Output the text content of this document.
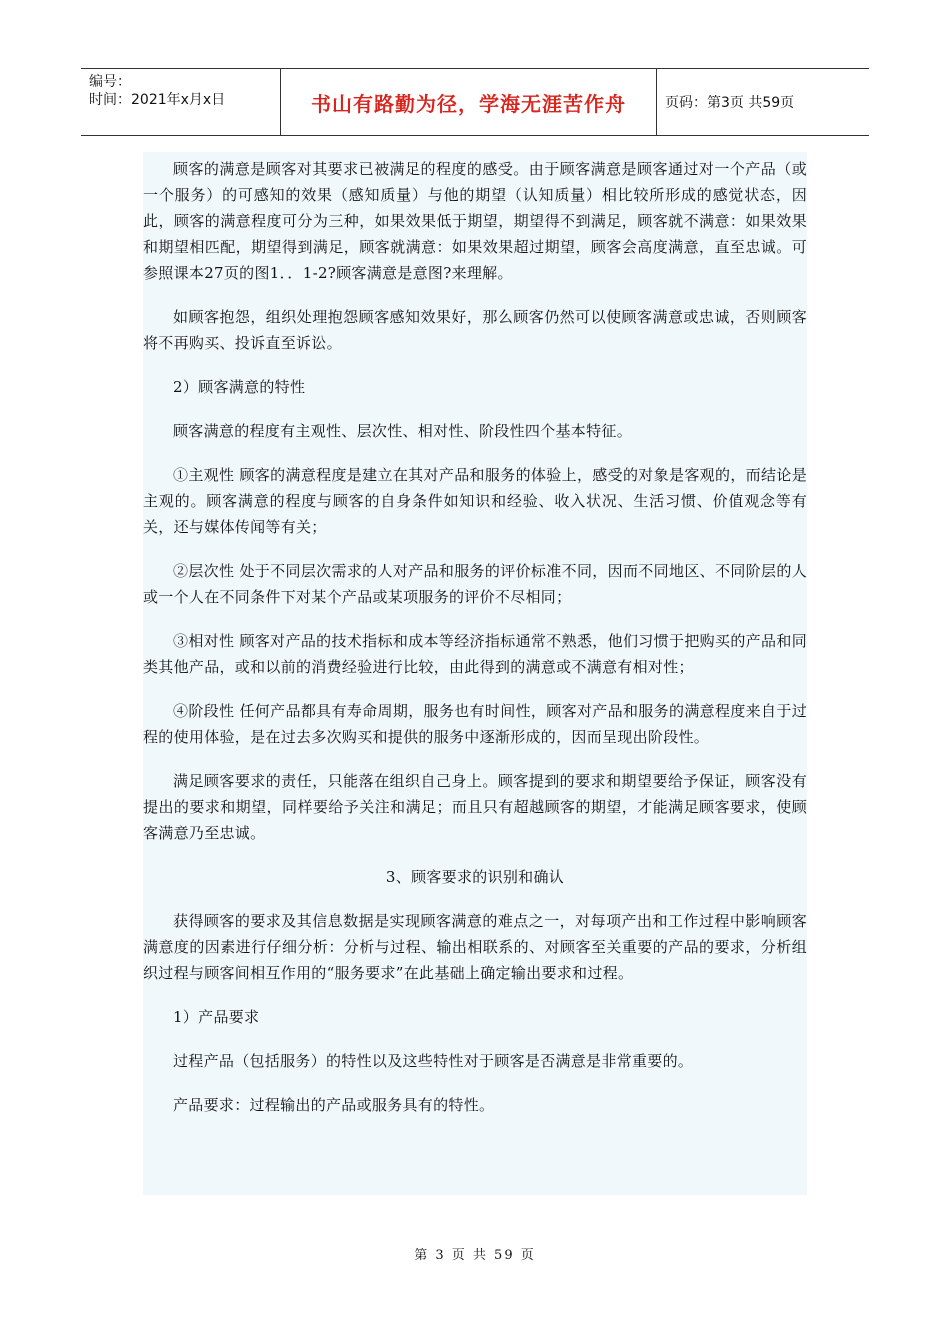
编号：
时间：2021年x月x日	书山有路勤为径，学海无涯苦作舟	页码：第3页 共59页

顾客的满意是顾客对其要求已被满足的程度的感受。由于顾客满意是顾客通过对一个产品（或一个服务）的可感知的效果（感知质量）与他的期望（认知质量）相比较所形成的感觉状态，因此，顾客的满意程度可分为三种，如果效果低于期望，期望得不到满足，顾客就不满意：如果效果和期望相匹配，期望得到满足，顾客就满意：如果效果超过期望，顾客会高度满意，直至忠诚。可参照课本27页的图1．．1-2?顾客满意是意图?来理解。

如顾客抱怨，组织处理抱怨顾客感知效果好，那么顾客仍然可以使顾客满意或忠诚，否则顾客将不再购买、投诉直至诉讼。

2）顾客满意的特性

顾客满意的程度有主观性、层次性、相对性、阶段性四个基本特征。

①主观性 顾客的满意程度是建立在其对产品和服务的体验上，感受的对象是客观的，而结论是主观的。顾客满意的程度与顾客的自身条件如知识和经验、收入状况、生活习惯、价值观念等有关，还与媒体传闻等有关；

②层次性 处于不同层次需求的人对产品和服务的评价标准不同，因而不同地区、不同阶层的人或一个人在不同条件下对某个产品或某项服务的评价不尽相同；

③相对性 顾客对产品的技术指标和成本等经济指标通常不熟悉，他们习惯于把购买的产品和同类其他产品，或和以前的消费经验进行比较，由此得到的满意或不满意有相对性；

④阶段性 任何产品都具有寿命周期，服务也有时间性，顾客对产品和服务的满意程度来自于过程的使用体验，是在过去多次购买和提供的服务中逐渐形成的，因而呈现出阶段性。

满足顾客要求的责任，只能落在组织自己身上。顾客提到的要求和期望要给予保证，顾客没有提出的要求和期望，同样要给予关注和满足；而且只有超越顾客的期望，才能满足顾客要求，使顾客满意乃至忠诚。

3、顾客要求的识别和确认

获得顾客的要求及其信息数据是实现顾客满意的难点之一，对每项产出和工作过程中影响顾客满意度的因素进行仔细分析：分析与过程、输出相联系的、对顾客至关重要的产品的要求，分析组织过程与顾客间相互作用的“服务要求”在此基础上确定输出要求和过程。

1）产品要求

过程产品（包括服务）的特性以及这些特性对于顾客是否满意是非常重要的。

产品要求：过程输出的产品或服务具有的特性。

第 3 页 共 59 页
